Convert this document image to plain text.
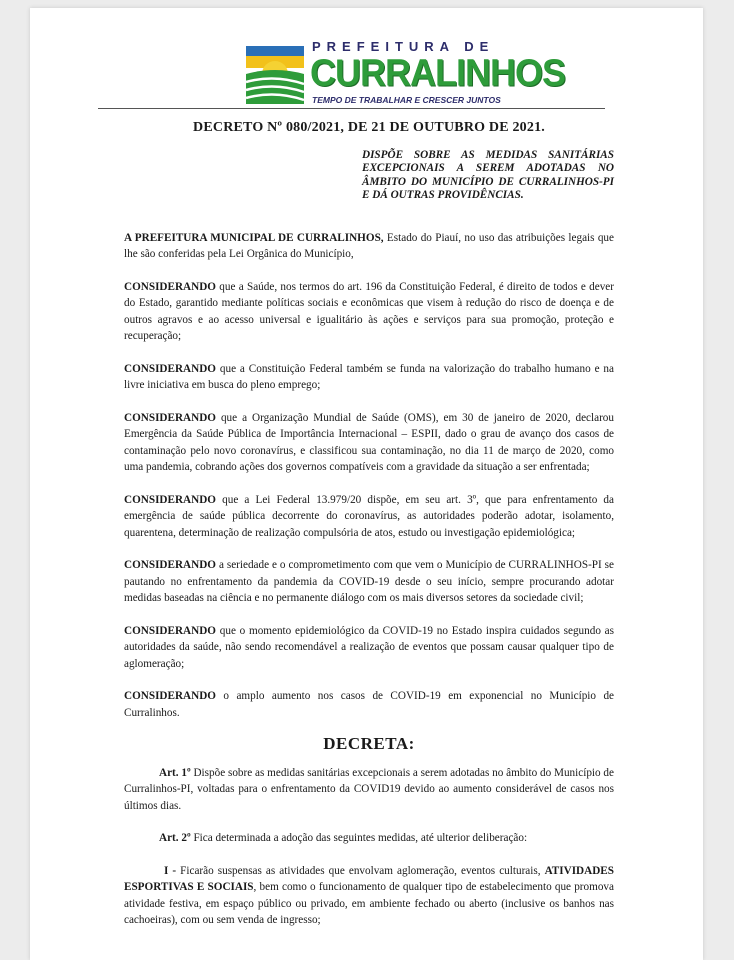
PREFEITURA DE
CURRALINHOS
TEMPO DE TRABALHAR E CRESCER JUNTOS
DECRETO Nº 080/2021, DE 21 DE OUTUBRO DE 2021.
DISPÕE SOBRE AS MEDIDAS SANITÁRIAS EXCEPCIONAIS A SEREM ADOTADAS NO ÂMBITO DO MUNICÍPIO DE CURRALINHOS-PI E DÁ OUTRAS PROVIDÊNCIAS.

A PREFEITURA MUNICIPAL DE CURRALINHOS, Estado do Piauí, no uso das atribuições legais que lhe são conferidas pela Lei Orgânica do Município,

CONSIDERANDO que a Saúde, nos termos do art. 196 da Constituição Federal, é direito de todos e dever do Estado, garantido mediante políticas sociais e econômicas que visem à redução do risco de doença e de outros agravos e ao acesso universal e igualitário às ações e serviços para sua promoção, proteção e recuperação;

CONSIDERANDO que a Constituição Federal também se funda na valorização do trabalho humano e na livre iniciativa em busca do pleno emprego;

CONSIDERANDO que a Organização Mundial de Saúde (OMS), em 30 de janeiro de 2020, declarou Emergência da Saúde Pública de Importância Internacional – ESPII, dado o grau de avanço dos casos de contaminação pelo novo coronavírus, e classificou sua contaminação, no dia 11 de março de 2020, como uma pandemia, cobrando ações dos governos compatíveis com a gravidade da situação a ser enfrentada;

CONSIDERANDO que a Lei Federal 13.979/20 dispõe, em seu art. 3º, que para enfrentamento da emergência de saúde pública decorrente do coronavírus, as autoridades poderão adotar, isolamento, quarentena, determinação de realização compulsória de atos, estudo ou investigação epidemiológica;

CONSIDERANDO a seriedade e o comprometimento com que vem o Município de CURRALINHOS-PI se pautando no enfrentamento da pandemia da COVID-19 desde o seu início, sempre procurando adotar medidas baseadas na ciência e no permanente diálogo com os mais diversos setores da sociedade civil;

CONSIDERANDO que o momento epidemiológico da COVID-19 no Estado inspira cuidados segundo as autoridades da saúde, não sendo recomendável a realização de eventos que possam causar qualquer tipo de aglomeração;

CONSIDERANDO o amplo aumento nos casos de COVID-19 em exponencial no Município de Curralinhos.

DECRETA:

Art. 1º Dispõe sobre as medidas sanitárias excepcionais a serem adotadas no âmbito do Município de Curralinhos-PI, voltadas para o enfrentamento da COVID19 devido ao aumento considerável de casos nos últimos dias.

Art. 2º Fica determinada a adoção das seguintes medidas, até ulterior deliberação:

I - Ficarão suspensas as atividades que envolvam aglomeração, eventos culturais, ATIVIDADES ESPORTIVAS E SOCIAIS, bem como o funcionamento de qualquer tipo de estabelecimento que promova atividade festiva, em espaço público ou privado, em ambiente fechado ou aberto (inclusive os banhos nas cachoeiras), com ou sem venda de ingresso;
